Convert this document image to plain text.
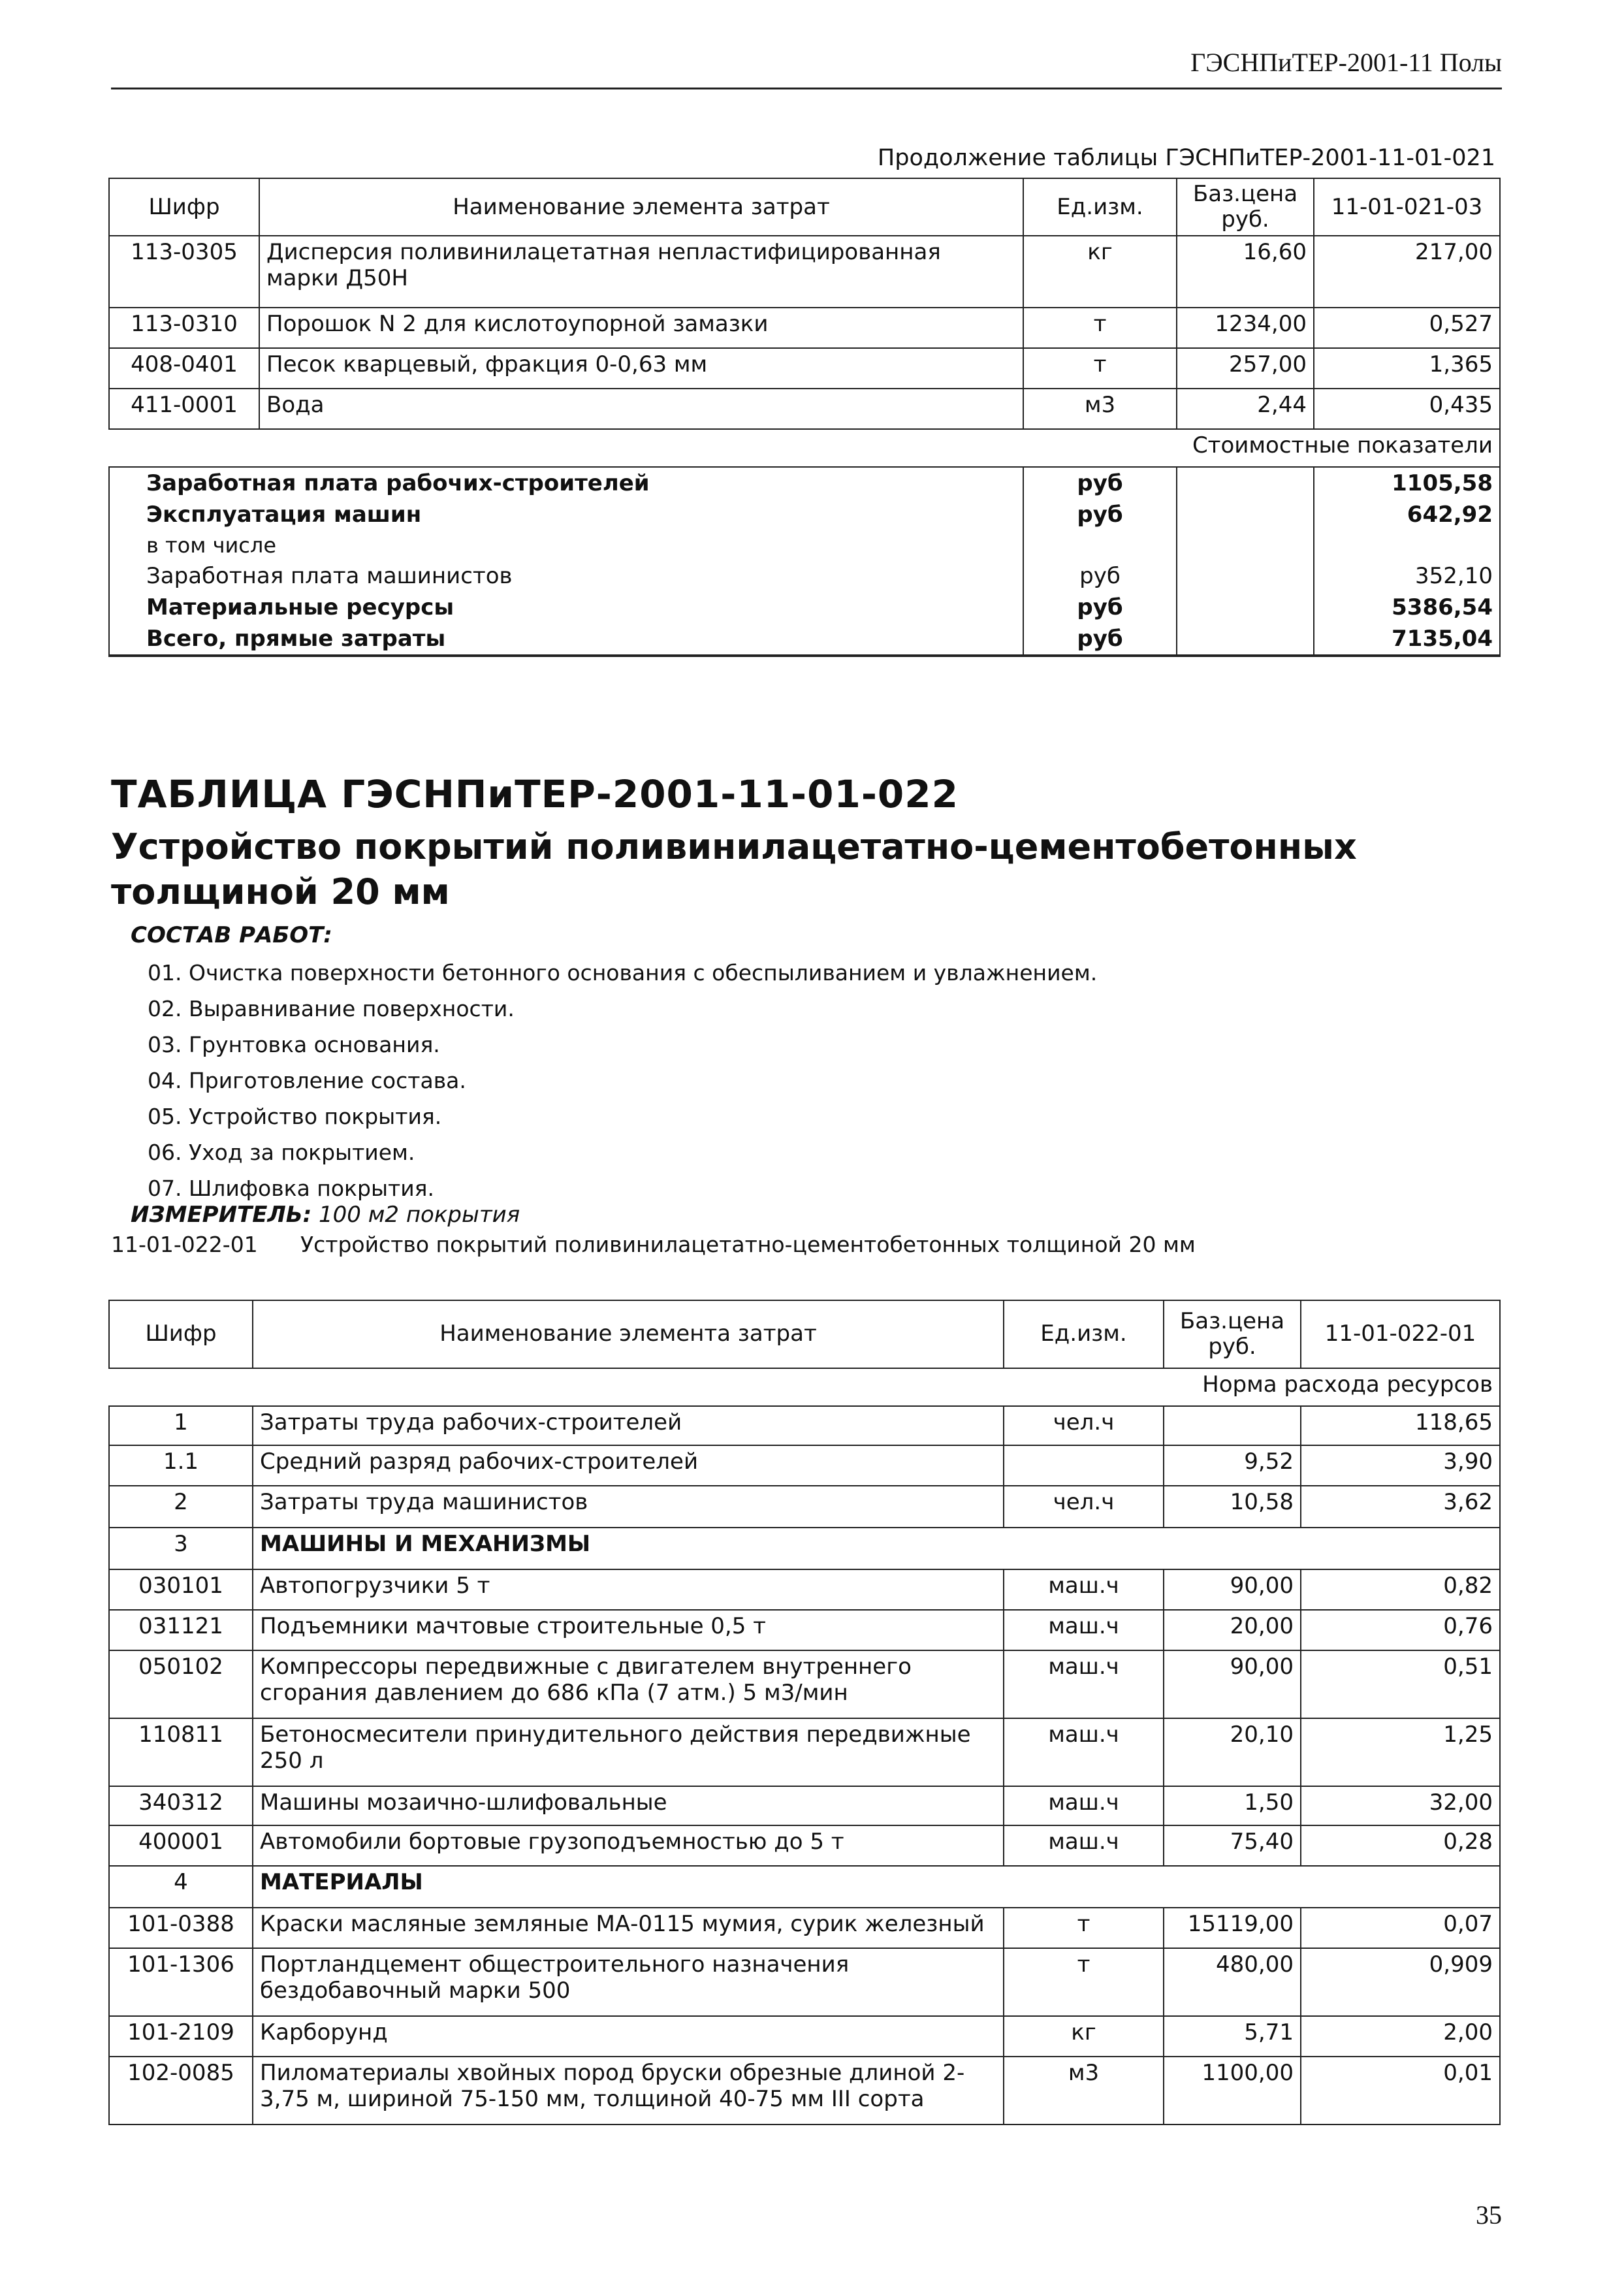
ГЭСНПиТЕР-2001-11 Полы
Продолжение таблицы ГЭСНПиТЕР-2001-11-01-021
Шифр	Наименование элемента затрат	Ед.изм.	Баз.цена руб.	11-01-021-03
113-0305	Дисперсия поливинилацетатная непластифицированная марки Д50Н	кг	16,60	217,00
113-0310	Порошок N 2 для кислотоупорной замазки	т	1234,00	0,527
408-0401	Песок кварцевый, фракция 0-0,63 мм	т	257,00	1,365
411-0001	Вода	м3	2,44	0,435
Стоимостные показатели				
Заработная плата рабочих-строителей		руб		1105,58
Эксплуатация машин		руб		642,92
в том числе				
Заработная плата машинистов		руб		352,10
Материальные ресурсы		руб		5386,54
Всего, прямые затраты		руб		7135,04
ТАБЛИЦА ГЭСНПиТЕР-2001-11-01-022
Устройство покрытий поливинилацетатно-цементобетонных толщиной 20 мм
СОСТАВ РАБОТ:
01. Очистка поверхности бетонного основания с обеспыливанием и увлажнением.
02. Выравнивание поверхности.
03. Грунтовка основания.
04. Приготовление состава.
05. Устройство покрытия.
06. Уход за покрытием.
07. Шлифовка покрытия.
ИЗМЕРИТЕЛЬ: 100 м2 покрытия
11-01-022-01 Устройство покрытий поливинилацетатно-цементобетонных толщиной 20 мм
Шифр	Наименование элемента затрат	Ед.изм.	Баз.цена руб.	11-01-022-01
Норма расхода ресурсов				
1	Затраты труда рабочих-строителей	чел.ч		118,65
1.1	Средний разряд рабочих-строителей		9,52	3,90
2	Затраты труда машинистов	чел.ч	10,58	3,62
3	МАШИНЫ И МЕХАНИЗМЫ			
030101	Автопогрузчики 5 т	маш.ч	90,00	0,82
031121	Подъемники мачтовые строительные 0,5 т	маш.ч	20,00	0,76
050102	Компрессоры передвижные с двигателем внутреннего сгорания давлением до 686 кПа (7 атм.) 5 м3/мин	маш.ч	90,00	0,51
110811	Бетоносмесители принудительного действия передвижные 250 л	маш.ч	20,10	1,25
340312	Машины мозаично-шлифовальные	маш.ч	1,50	32,00
400001	Автомобили бортовые грузоподъемностью до 5 т	маш.ч	75,40	0,28
4	МАТЕРИАЛЫ			
101-0388	Краски масляные земляные МА-0115 мумия, сурик железный	т	15119,00	0,07
101-1306	Портландцемент общестроительного назначения бездобавочный марки 500	т	480,00	0,909
101-2109	Карборунд	кг	5,71	2,00
102-0085	Пиломатериалы хвойных пород бруски обрезные длиной 2-3,75 м, шириной 75-150 мм, толщиной 40-75 мм III сорта	м3	1100,00	0,01
35
